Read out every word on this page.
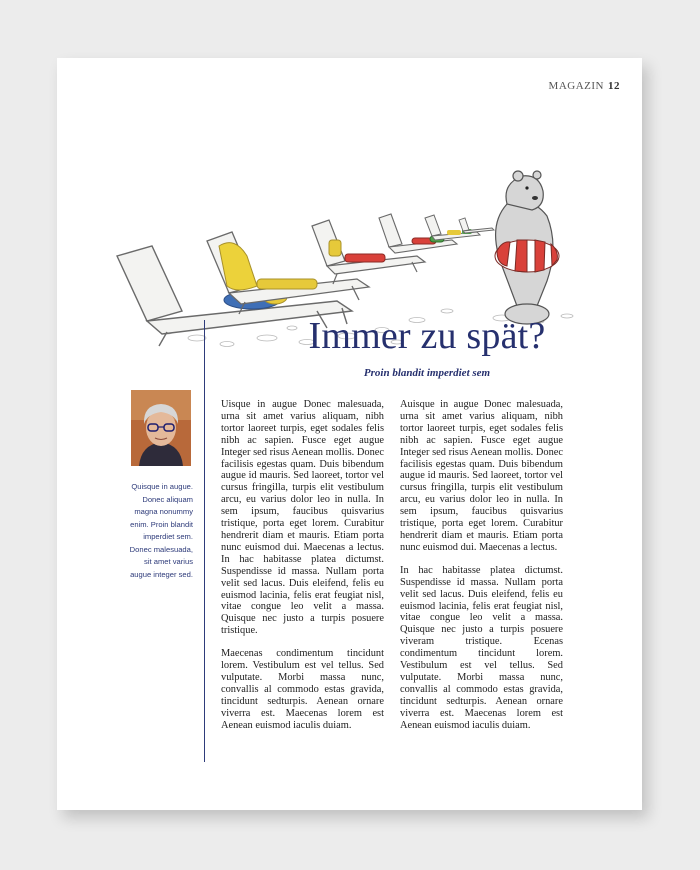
MAGAZIN 12
Immer zu spät?
Proin blandit imperdiet sem
Quisque in augue. Donec aliquam magna nonummy enim. Proin blandit imperdiet sem. Donec malesuada, sit amet varius augue integer sed.

Uisque in augue Donec malesuada, urna sit amet varius aliquam, nibh tortor laoreet turpis, eget sodales felis nibh ac sapien. Fusce eget augue Integer sed risus Aenean mollis. Donec facilisis egestas quam. Duis bibendum augue id mauris. Sed laoreet, tortor vel cursus fringilla, turpis elit vestibulum arcu, eu varius dolor leo in nulla. In sem ipsum, faucibus quisvarius tristique, porta eget lorem. Curabitur hendrerit diam et mauris. Etiam porta nunc euismod dui. Maecenas a lectus. In hac habitasse platea dictumst. Suspendisse id massa. Nullam porta velit sed lacus. Duis eleifend, felis eu euismod lacinia, felis erat feugiat nisl, vitae congue leo velit a massa. Quisque nec justo a turpis posuere tristique.

Maecenas condimentum tincidunt lorem. Vestibulum est vel tellus. Sed vulputate. Morbi massa nunc, convallis al commodo estas gravida, tincidunt sedturpis. Aenean ornare viverra est. Maecenas lorem est Aenean euismod iaculis duiam.

Auisque in augue Donec malesuada, urna sit amet varius aliquam, nibh tortor laoreet turpis, eget sodales felis nibh ac sapien. Fusce eget augue Integer sed risus Aenean mollis. Donec facilisis egestas quam. Duis bibendum augue id mauris. Sed laoreet, tortor vel cursus fringilla, turpis elit vestibulum arcu, eu varius dolor leo in nulla. In sem ipsum, faucibus quisvarius tristique, porta eget lorem. Curabitur hendrerit diam et mauris. Etiam porta nunc euismod dui. Maecenas a lectus.

In hac habitasse platea dictumst. Suspendisse id massa. Nullam porta velit sed lacus. Duis eleifend, felis eu euismod lacinia, felis erat feugiat nisl, vitae congue leo velit a massa. Quisque nec justo a turpis posuere viveram tristique. Ecenas condimentum tincidunt lorem. Vestibulum est vel tellus. Sed vulputate. Morbi massa nunc, convallis al commodo estas gravida, tincidunt sedturpis. Aenean ornare viverra est. Maecenas lorem est Aenean euismod iaculis duiam.
